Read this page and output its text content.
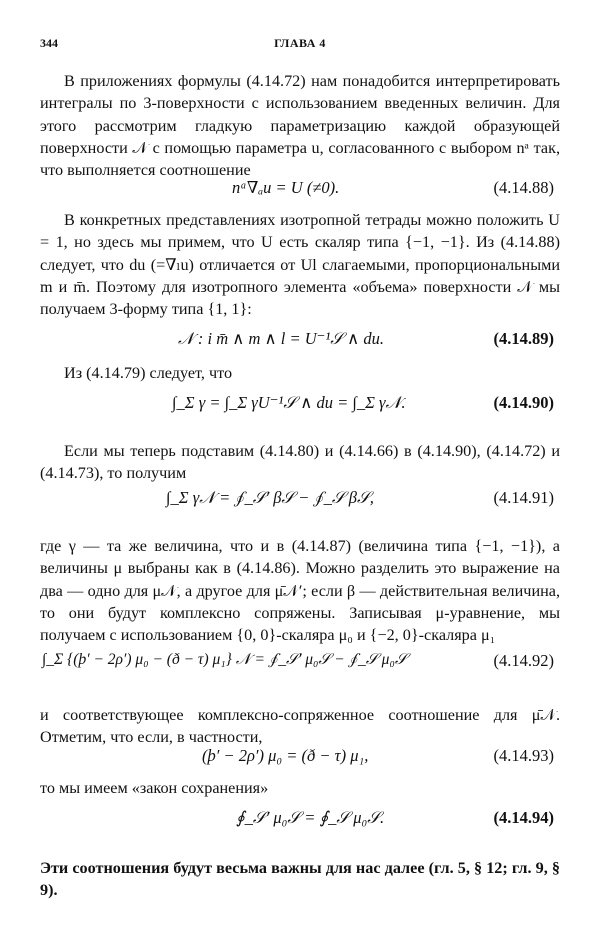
344	ГЛАВА 4

В приложениях формулы (4.14.72) нам понадобится интерпретировать интегралы по 3-поверхности с использованием введенных величин. Для этого рассмотрим гладкую параметризацию каждой образующей поверхности 𝒩 с помощью параметра u, согласованного с выбором nᵃ так, что выполняется соотношение

nᵃ∇ₐu = U (≠0).	(4.14.88)

В конкретных представлениях изотропной тетрады можно положить U = 1, но здесь мы примем, что U есть скаляр типа {−1, −1}. Из (4.14.88) следует, что du (=∇ₗu) отличается от Ul слагаемыми, пропорциональными m и m̄. Поэтому для изотропного элемента «объема» поверхности 𝒩 мы получаем 3-форму типа {1, 1}:

𝒩 : i m̄ ∧ m ∧ l = U⁻¹𝒮 ∧ du.	(4.14.89)

Из (4.14.79) следует, что

∫_Σ γ = ∫_Σ γU⁻¹𝒮 ∧ du = ∫_Σ γ𝒩.	(4.14.90)

Если мы теперь подставим (4.14.80) и (4.14.66) в (4.14.90), (4.14.72) и (4.14.73), то получим

∫_Σ γ𝒩 = ∮_𝒮′ β𝒮 − ∮_𝒮 β𝒮,	(4.14.91)

где γ — та же величина, что и в (4.14.87) (величина типа {−1, −1}), а величины μ выбраны как в (4.14.86). Можно разделить это выражение на два — одно для μ𝒩, а другое для μ̄𝒩′; если β — действительная величина, то они будут комплексно сопряжены. Записывая μ-уравнение, мы получаем с использованием {0, 0}-скаляра μ₀ и {−2, 0}-скаляра μ₁

∫_Σ {(þ′ − 2ρ′) μ₀ − (ð − τ) μ₁} 𝒩 = ∮_𝒮′ μ₀𝒮 − ∮_𝒮 μ₀𝒮	(4.14.92)

и соответствующее комплексно-сопряженное соотношение для μ̄𝒩. Отметим, что если, в частности,

(þ′ − 2ρ′) μ₀ = (ð − τ) μ₁,	(4.14.93)

то мы имеем «закон сохранения»

∮_𝒮′ μ₀𝒮 = ∮_𝒮 μ₀𝒮.	(4.14.94)

Эти соотношения будут весьма важны для нас далее (гл. 5, § 12; гл. 9, § 9).
